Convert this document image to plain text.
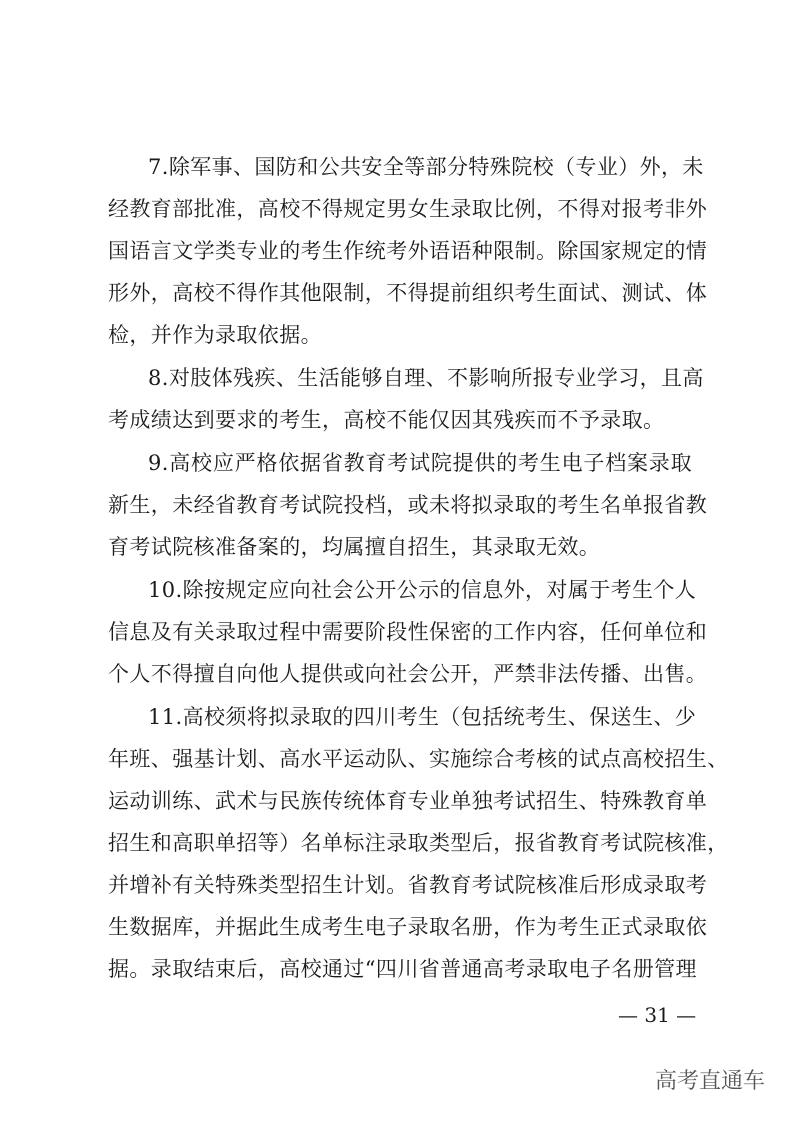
7.除军事、国防和公共安全等部分特殊院校（专业）外，未
经教育部批准，高校不得规定男女生录取比例，不得对报考非外
国语言文学类专业的考生作统考外语语种限制。除国家规定的情
形外，高校不得作其他限制，不得提前组织考生面试、测试、体
检，并作为录取依据。
8.对肢体残疾、生活能够自理、不影响所报专业学习，且高
考成绩达到要求的考生，高校不能仅因其残疾而不予录取。
9.高校应严格依据省教育考试院提供的考生电子档案录取
新生，未经省教育考试院投档，或未将拟录取的考生名单报省教
育考试院核准备案的，均属擅自招生，其录取无效。
10.除按规定应向社会公开公示的信息外，对属于考生个人
信息及有关录取过程中需要阶段性保密的工作内容，任何单位和
个人不得擅自向他人提供或向社会公开，严禁非法传播、出售。
11.高校须将拟录取的四川考生（包括统考生、保送生、少
年班、强基计划、高水平运动队、实施综合考核的试点高校招生、
运动训练、武术与民族传统体育专业单独考试招生、特殊教育单
招生和高职单招等）名单标注录取类型后，报省教育考试院核准，
并增补有关特殊类型招生计划。省教育考试院核准后形成录取考
生数据库，并据此生成考生电子录取名册，作为考生正式录取依
据。录取结束后，高校通过“四川省普通高考录取电子名册管理
— 31 —
高考直通车
